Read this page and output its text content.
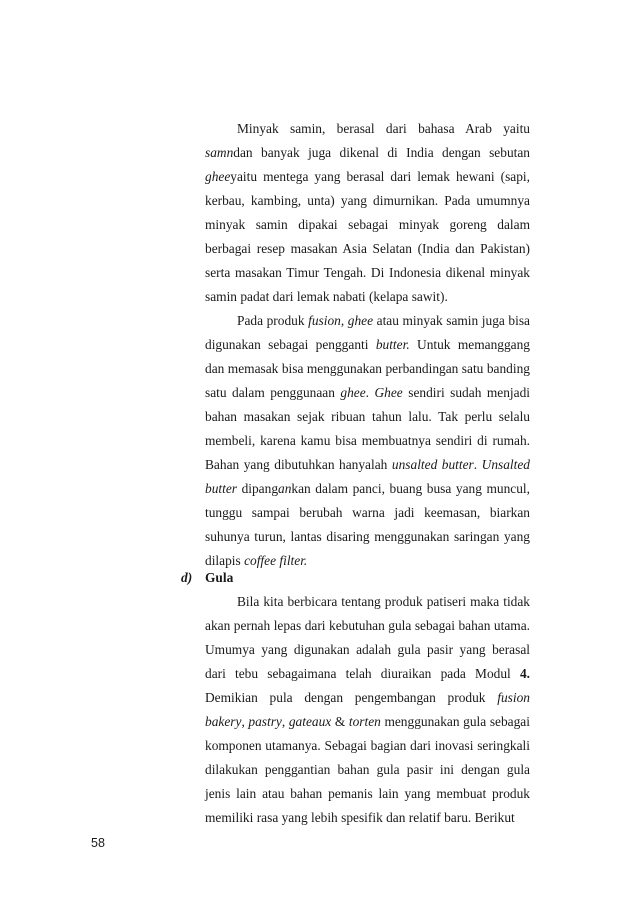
Minyak samin, berasal dari bahasa Arab yaitu samndan banyak juga dikenal di India dengan sebutan gheeyaitu mentega yang berasal dari lemak hewani (sapi, kerbau, kambing, unta) yang dimurnikan. Pada umumnya minyak samin dipakai sebagai minyak goreng dalam berbagai resep masakan Asia Selatan (India dan Pakistan) serta masakan Timur Tengah. Di Indonesia dikenal minyak samin padat dari lemak nabati (kelapa sawit).

Pada produk fusion, ghee atau minyak samin juga bisa digunakan sebagai pengganti butter. Untuk memanggang dan memasak bisa menggunakan perbandingan satu banding satu dalam penggunaan ghee. Ghee sendiri sudah menjadi bahan masakan sejak ribuan tahun lalu. Tak perlu selalu membeli, karena kamu bisa membuatnya sendiri di rumah. Bahan yang dibutuhkan hanyalah unsalted butter. Unsalted butter dipangankan dalam panci, buang busa yang muncul, tunggu sampai berubah warna jadi keemasan, biarkan suhunya turun, lantas disaring menggunakan saringan yang dilapis coffee filter.

d) Gula

Bila kita berbicara tentang produk patiseri maka tidak akan pernah lepas dari kebutuhan gula sebagai bahan utama. Umumya yang digunakan adalah gula pasir yang berasal dari tebu sebagaimana telah diuraikan pada Modul 4. Demikian pula dengan pengembangan produk fusion bakery, pastry, gateaux & torten menggunakan gula sebagai komponen utamanya. Sebagai bagian dari inovasi seringkali dilakukan penggantian bahan gula pasir ini dengan gula jenis lain atau bahan pemanis lain yang membuat produk memiliki rasa yang lebih spesifik dan relatif baru. Berikut

58
